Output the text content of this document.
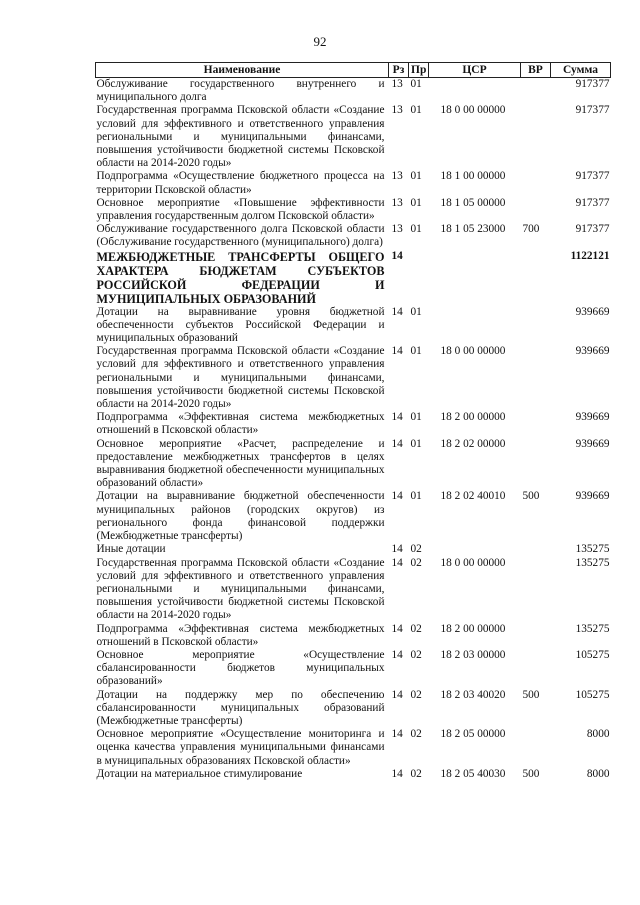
92
Наименование	Рз	Пр	ЦСР	ВР	Сумма
Обслуживание государственного внутреннего и муниципального долга	13	01			917377
Государственная программа Псковской области «Создание условий для эффективного и ответственного управления региональными и муниципальными финансами, повышения устойчивости бюджетной системы Псковской области на 2014-2020 годы»	13	01	18 0 00 00000		917377
Подпрограмма «Осуществление бюджетного процесса на территории Псковской области»	13	01	18 1 00 00000		917377
Основное мероприятие «Повышение эффективности управления государственным долгом Псковской области»	13	01	18 1 05 00000		917377
Обслуживание государственного долга Псковской области (Обслуживание государственного (муниципального) долга)	13	01	18 1 05 23000	700	917377
МЕЖБЮДЖЕТНЫЕ ТРАНСФЕРТЫ ОБЩЕГО ХАРАКТЕРА БЮДЖЕТАМ СУБЪЕКТОВ РОССИЙСКОЙ ФЕДЕРАЦИИ И МУНИЦИПАЛЬНЫХ ОБРАЗОВАНИЙ	14				1122121
Дотации на выравнивание уровня бюджетной обеспеченности субъектов Российской Федерации и муниципальных образований	14	01			939669
Государственная программа Псковской области «Создание условий для эффективного и ответственного управления региональными и муниципальными финансами, повышения устойчивости бюджетной системы Псковской области на 2014-2020 годы»	14	01	18 0 00 00000		939669
Подпрограмма «Эффективная система межбюджетных отношений в Псковской области»	14	01	18 2 00 00000		939669
Основное мероприятие «Расчет, распределение и предоставление межбюджетных трансфертов в целях выравнивания бюджетной обеспеченности муниципальных образований области»	14	01	18 2 02 00000		939669
Дотации на выравнивание бюджетной обеспеченности муниципальных районов (городских округов) из регионального фонда финансовой поддержки (Межбюджетные трансферты)	14	01	18 2 02 40010	500	939669
Иные дотации	14	02			135275
Государственная программа Псковской области «Создание условий для эффективного и ответственного управления региональными и муниципальными финансами, повышения устойчивости бюджетной системы Псковской области на 2014-2020 годы»	14	02	18 0 00 00000		135275
Подпрограмма «Эффективная система межбюджетных отношений в Псковской области»	14	02	18 2 00 00000		135275
Основное мероприятие «Осуществление сбалансированности бюджетов муниципальных образований»	14	02	18 2 03 00000		105275
Дотации на поддержку мер по обеспечению сбалансированности муниципальных образований (Межбюджетные трансферты)	14	02	18 2 03 40020	500	105275
Основное мероприятие «Осуществление мониторинга и оценка качества управления муниципальными финансами в муниципальных образованиях Псковской области»	14	02	18 2 05 00000		8000
Дотации на материальное стимулирование	14	02	18 2 05 40030	500	8000
